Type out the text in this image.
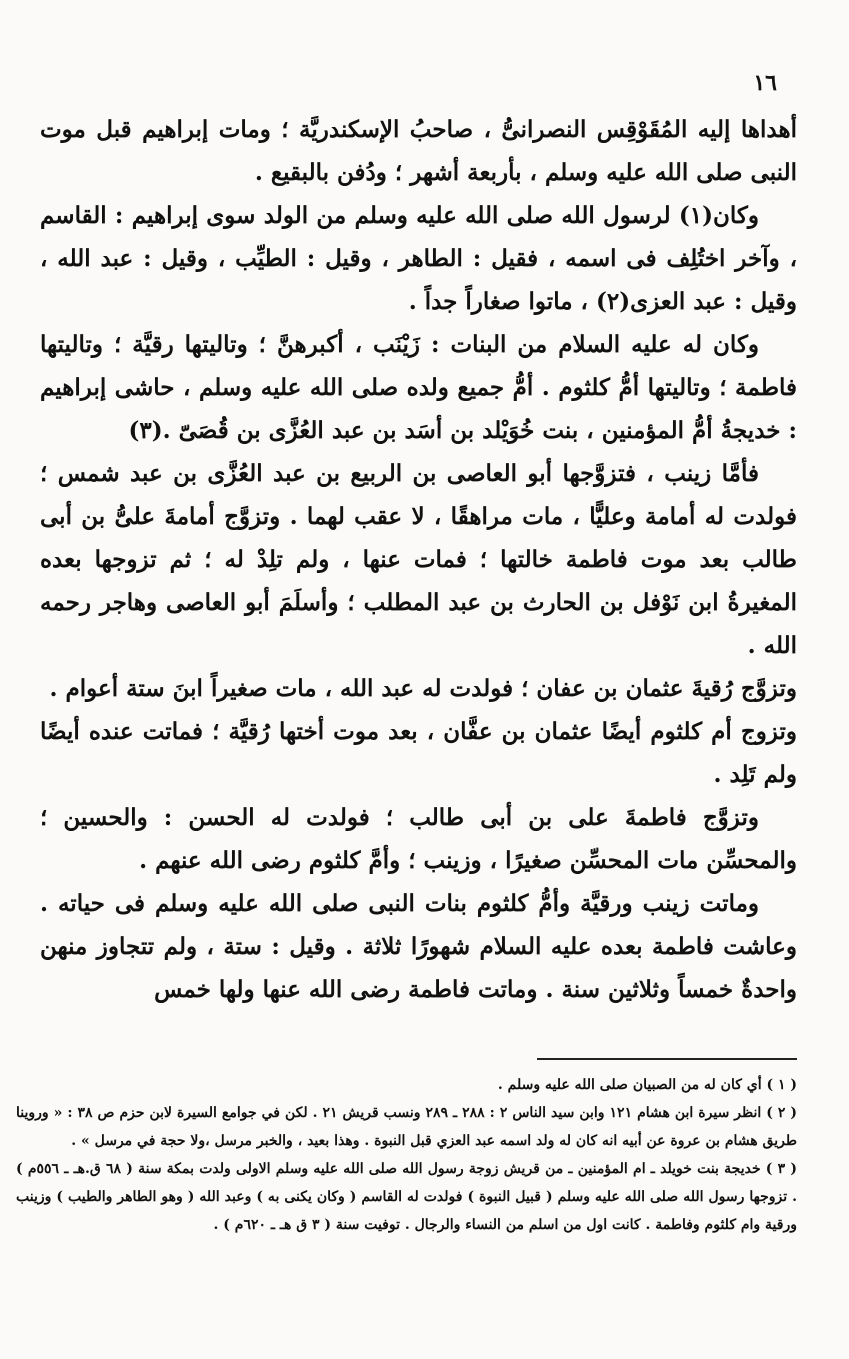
١٦

أهداها إليه المُقَوْقِس النصرانىُّ ، صاحبُ الإسكندريَّة ؛ ومات إبراهيم قبل موت النبى صلى الله عليه وسلم ، بأربعة أشهر ؛ ودُفن بالبقيع .

وكان(١) لرسول الله صلى الله عليه وسلم من الولد سوى إبراهيم : القاسم ، وآخر اختُلِف فى اسمه ، فقيل : الطاهر ، وقيل : الطيِّب ، وقيل : عبد الله ، وقيل : عبد العزى(٢) ، ماتوا صغاراً جداً .

وكان له عليه السلام من البنات : زَيْنَب ، أكبرهنَّ ؛ وتاليتها رقيَّة ؛ وتاليتها فاطمة ؛ وتاليتها أمُّ كلثوم . أمُّ جميع ولده صلى الله عليه وسلم ، حاشى إبراهيم : خديجةُ أمُّ المؤمنين ، بنت خُوَيْلد بن أسَد بن عبد العُزَّى بن قُصَىّ .(٣)

فأمَّا زينب ، فتزوَّجها أبو العاصى بن الربيع بن عبد العُزَّى بن عبد شمس ؛ فولدت له أمامة وعليًّا ، مات مراهقًا ، لا عقب لهما . وتزوَّج أمامةَ علىُّ بن أبى طالب بعد موت فاطمة خالتها ؛ فمات عنها ، ولم تلِدْ له ؛ ثم تزوجها بعده المغيرةُ ابن نَوْفل بن الحارث بن عبد المطلب ؛ وأسلَمَ أبو العاصى وهاجر رحمه الله .

وتزوَّج رُقيةَ عثمان بن عفان ؛ فولدت له عبد الله ، مات صغيراً ابنَ ستة أعوام .

وتزوج أم كلثوم أيضًا عثمان بن عفَّان ، بعد موت أختها رُقيَّة ؛ فماتت عنده أيضًا ولم تَلِد .

وتزوَّج فاطمةَ على بن أبى طالب ؛ فولدت له الحسن : والحسين ؛ والمحسِّن مات المحسِّن صغيرًا ، وزينب ؛ وأمَّ كلثوم رضى الله عنهم .

وماتت زينب ورقيَّة وأمُّ كلثوم بنات النبى صلى الله عليه وسلم فى حياته . وعاشت فاطمة بعده عليه السلام شهورًا ثلاثة . وقيل : ستة ، ولم تتجاوز منهن واحدةٌ خمساً وثلاثين سنة . وماتت فاطمة رضى الله عنها ولها خمس

( ١ ) أي كان له من الصبيان صلى الله عليه وسلم .

( ٢ ) انظر سيرة ابن هشام ١٢١ وابن سيد الناس ٢ : ٢٨٨ ـ ٢٨٩ ونسب قريش ٢١ . لكن في جوامع السيرة لابن حزم ص ٣٨ : « وروينا طريق هشام بن عروة عن أبيه انه كان له ولد اسمه عبد العزي قبل النبوة . وهذا بعيد ، والخبر مرسل ،ولا حجة في مرسل » .

( ٣ ) خديجة بنت خويلد ـ ام المؤمنين ـ من قريش زوجة رسول الله صلى الله عليه وسلم الاولى ولدت بمكة سنة ( ٦٨ ق.هـ ـ ٥٥٦م ) . تزوجها رسول الله صلى الله عليه وسلم ( قبيل النبوة ) فولدت له القاسم ( وكان يكنى به ) وعبد الله ( وهو الطاهر والطيب ) وزينب ورقية وام كلثوم وفاطمة . كانت اول من اسلم من النساء والرجال . توفيت سنة ( ٣ ق هـ ـ ٦٢٠م ) .
